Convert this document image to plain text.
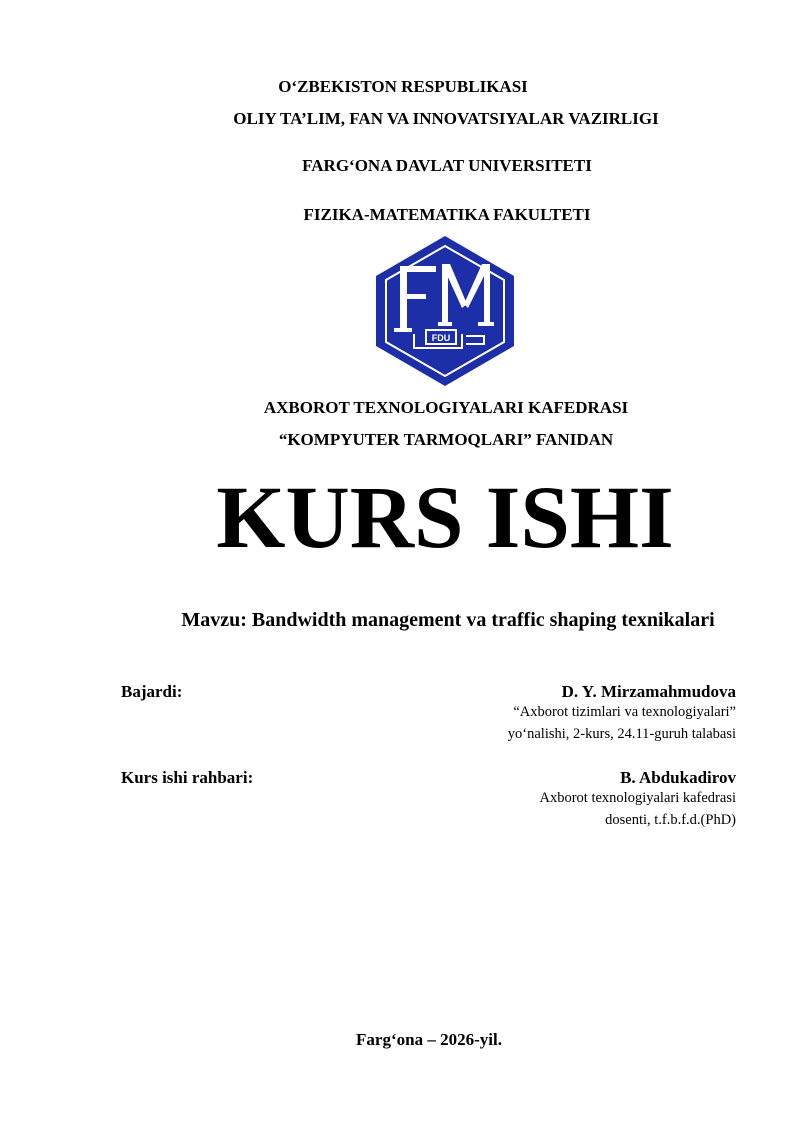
O‘ZBEKISTON RESPUBLIKASI
OLIY TA’LIM, FAN VA INNOVATSIYALAR VAZIRLIGI
FARG‘ONA DAVLAT UNIVERSITETI
FIZIKA-MATEMATIKA FAKULTETI
FDU
AXBOROT TEXNOLOGIYALARI KAFEDRASI
“KOMPYUTER TARMOQLARI” FANIDAN
KURS ISHI
Mavzu: Bandwidth management va traffic shaping texnikalari
Bajardi:	D. Y. Mirzamahmudova
“Axborot tizimlari va texnologiyalari”
yo‘nalishi, 2-kurs, 24.11-guruh talabasi
Kurs ishi rahbari:	B. Abdukadirov
Axborot texnologiyalari kafedrasi
dosenti, t.f.b.f.d.(PhD)
Farg‘ona – 2026-yil.
